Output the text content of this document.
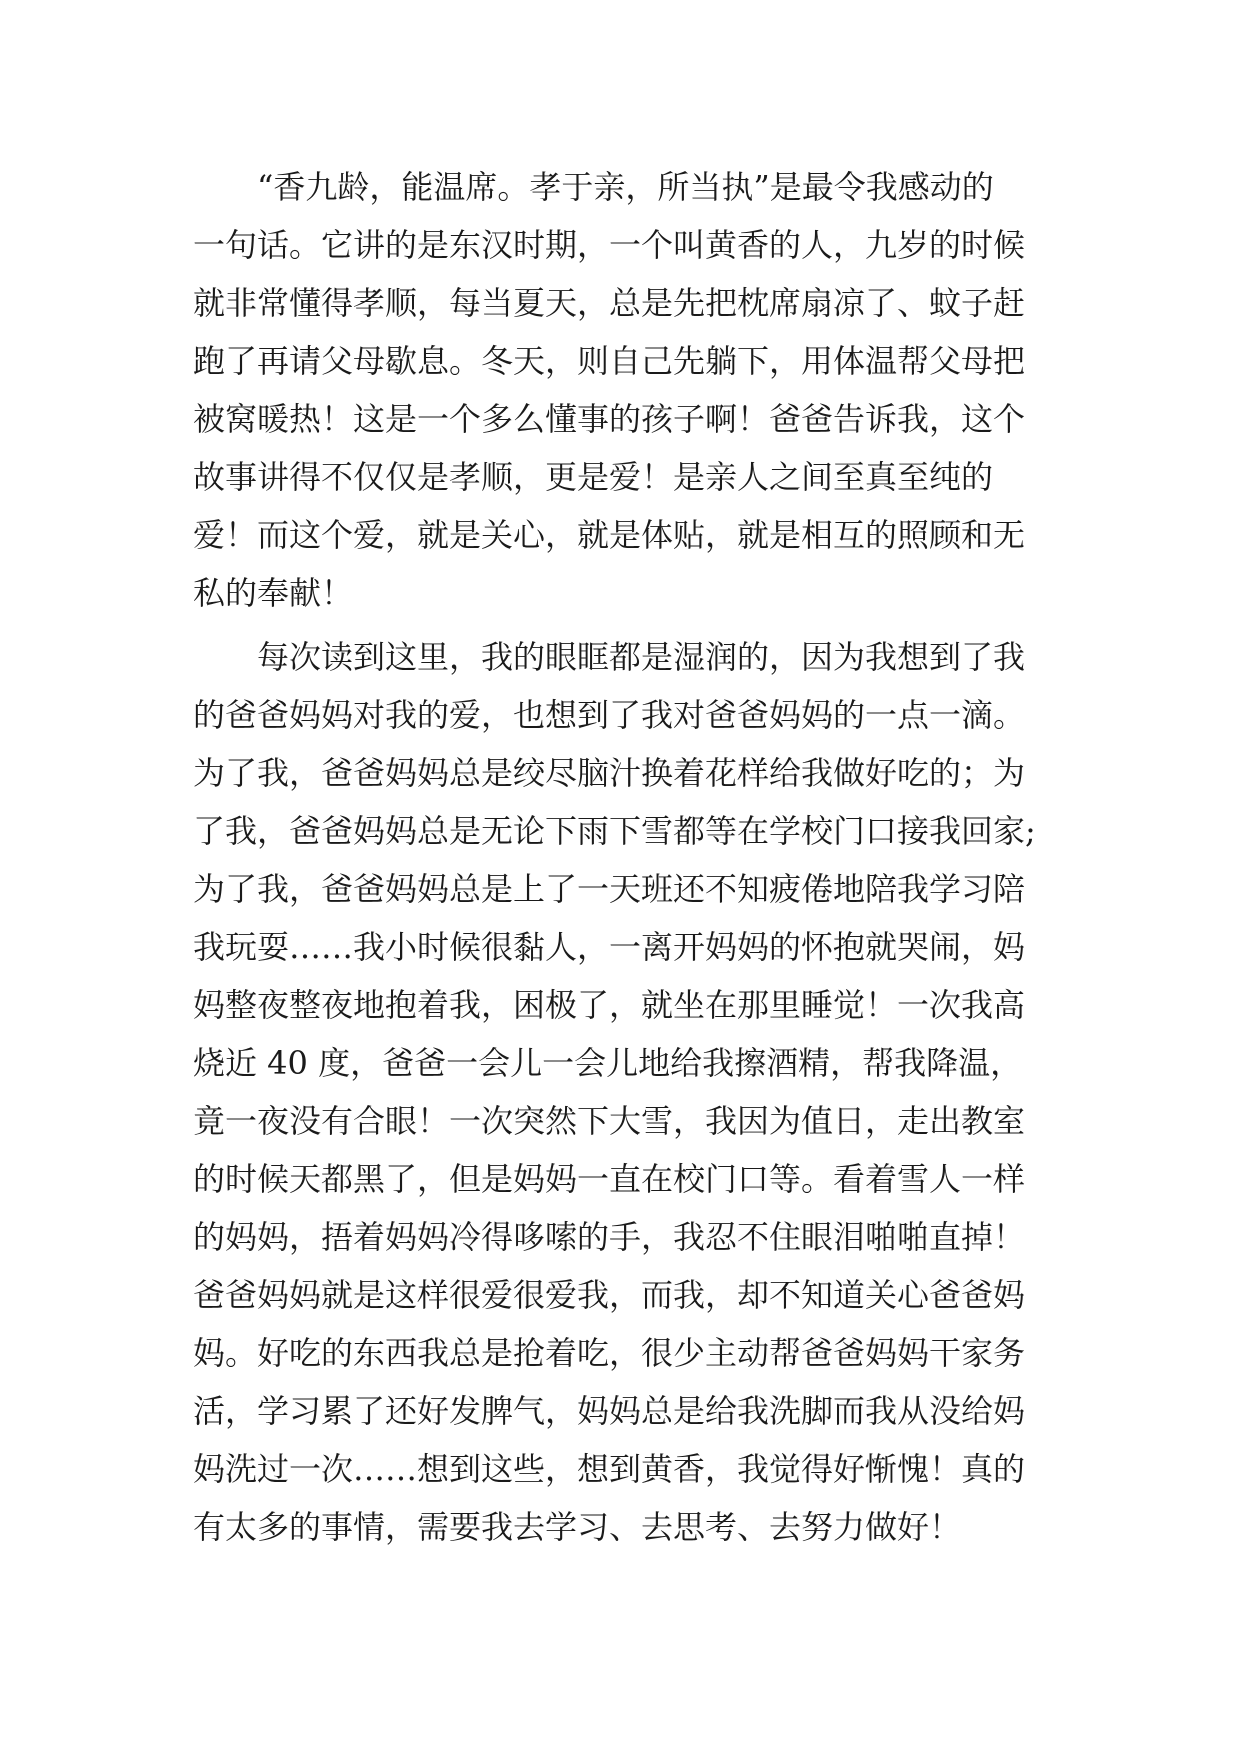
　　“香九龄，能温席。孝于亲，所当执”是最令我感动的
一句话。它讲的是东汉时期，一个叫黄香的人，九岁的时候
就非常懂得孝顺，每当夏天，总是先把枕席扇凉了、蚊子赶
跑了再请父母歇息。冬天，则自己先躺下，用体温帮父母把
被窝暖热！这是一个多么懂事的孩子啊！爸爸告诉我，这个
故事讲得不仅仅是孝顺，更是爱！是亲人之间至真至纯的
爱！而这个爱，就是关心，就是体贴，就是相互的照顾和无
私的奉献！
　　每次读到这里，我的眼眶都是湿润的，因为我想到了我
的爸爸妈妈对我的爱，也想到了我对爸爸妈妈的一点一滴。
为了我，爸爸妈妈总是绞尽脑汁换着花样给我做好吃的；为
了我，爸爸妈妈总是无论下雨下雪都等在学校门口接我回家;
为了我，爸爸妈妈总是上了一天班还不知疲倦地陪我学习陪
我玩耍……我小时候很黏人，一离开妈妈的怀抱就哭闹，妈
妈整夜整夜地抱着我，困极了，就坐在那里睡觉！一次我高
烧近 40 度，爸爸一会儿一会儿地给我擦酒精，帮我降温，
竟一夜没有合眼！一次突然下大雪，我因为值日，走出教室
的时候天都黑了，但是妈妈一直在校门口等。看着雪人一样
的妈妈，捂着妈妈冷得哆嗦的手，我忍不住眼泪啪啪直掉！
爸爸妈妈就是这样很爱很爱我，而我，却不知道关心爸爸妈
妈。好吃的东西我总是抢着吃，很少主动帮爸爸妈妈干家务
活，学习累了还好发脾气，妈妈总是给我洗脚而我从没给妈
妈洗过一次……想到这些，想到黄香，我觉得好惭愧！真的
有太多的事情，需要我去学习、去思考、去努力做好！
